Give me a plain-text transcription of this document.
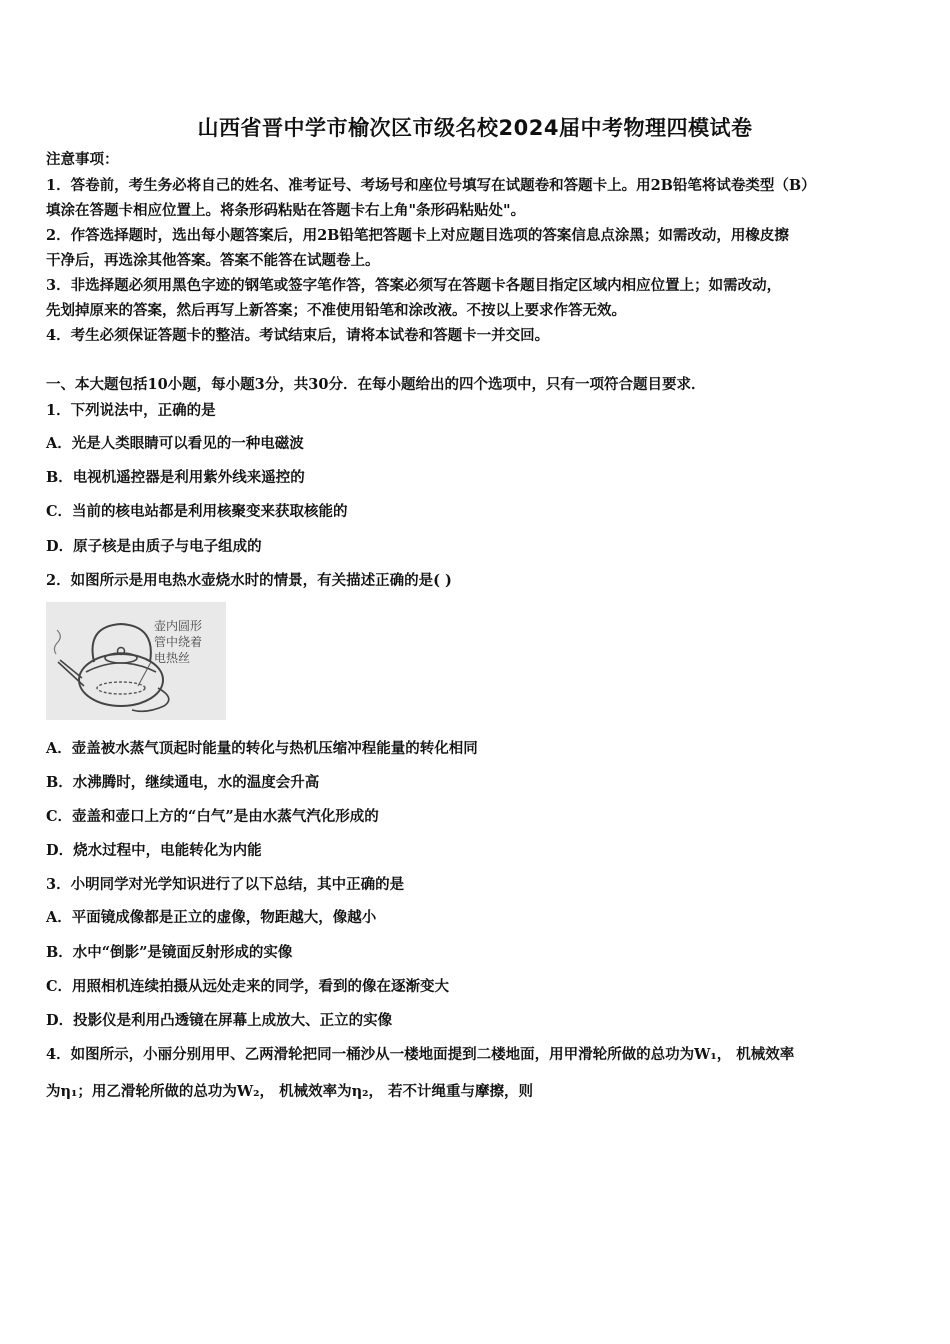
山西省晋中学市榆次区市级名校2024届中考物理四模试卷
注意事项：
1．答卷前，考生务必将自己的姓名、准考证号、考场号和座位号填写在试题卷和答题卡上。用2B铅笔将试卷类型（B）
填涂在答题卡相应位置上。将条形码粘贴在答题卡右上角"条形码粘贴处"。
2．作答选择题时，选出每小题答案后，用2B铅笔把答题卡上对应题目选项的答案信息点涂黑；如需改动，用橡皮擦
干净后，再选涂其他答案。答案不能答在试题卷上。
3．非选择题必须用黑色字迹的钢笔或签字笔作答，答案必须写在答题卡各题目指定区域内相应位置上；如需改动，
先划掉原来的答案，然后再写上新答案；不准使用铅笔和涂改液。不按以上要求作答无效。
4．考生必须保证答题卡的整洁。考试结束后，请将本试卷和答题卡一并交回。
一、本大题包括10小题，每小题3分，共30分．在每小题给出的四个选项中，只有一项符合题目要求．
1．下列说法中，正确的是
A．光是人类眼睛可以看见的一种电磁波
B．电视机遥控器是利用紫外线来遥控的
C．当前的核电站都是利用核聚变来获取核能的
D．原子核是由质子与电子组成的
2．如图所示是用电热水壶烧水时的情景，有关描述正确的是( )
壶内圆形
管中绕着
电热丝
A．壶盖被水蒸气顶起时能量的转化与热机压缩冲程能量的转化相同
B．水沸腾时，继续通电，水的温度会升高
C．壶盖和壶口上方的“白气”是由水蒸气汽化形成的
D．烧水过程中，电能转化为内能
3．小明同学对光学知识进行了以下总结，其中正确的是
A．平面镜成像都是正立的虚像，物距越大，像越小
B．水中“倒影”是镜面反射形成的实像
C．用照相机连续拍摄从远处走来的同学，看到的像在逐渐变大
D．投影仪是利用凸透镜在屏幕上成放大、正立的实像
4．如图所示，小丽分别用甲、乙两滑轮把同一桶沙从一楼地面提到二楼地面，用甲滑轮所做的总功为W₁， 机械效率
为η₁；用乙滑轮所做的总功为W₂， 机械效率为η₂， 若不计绳重与摩擦，则
